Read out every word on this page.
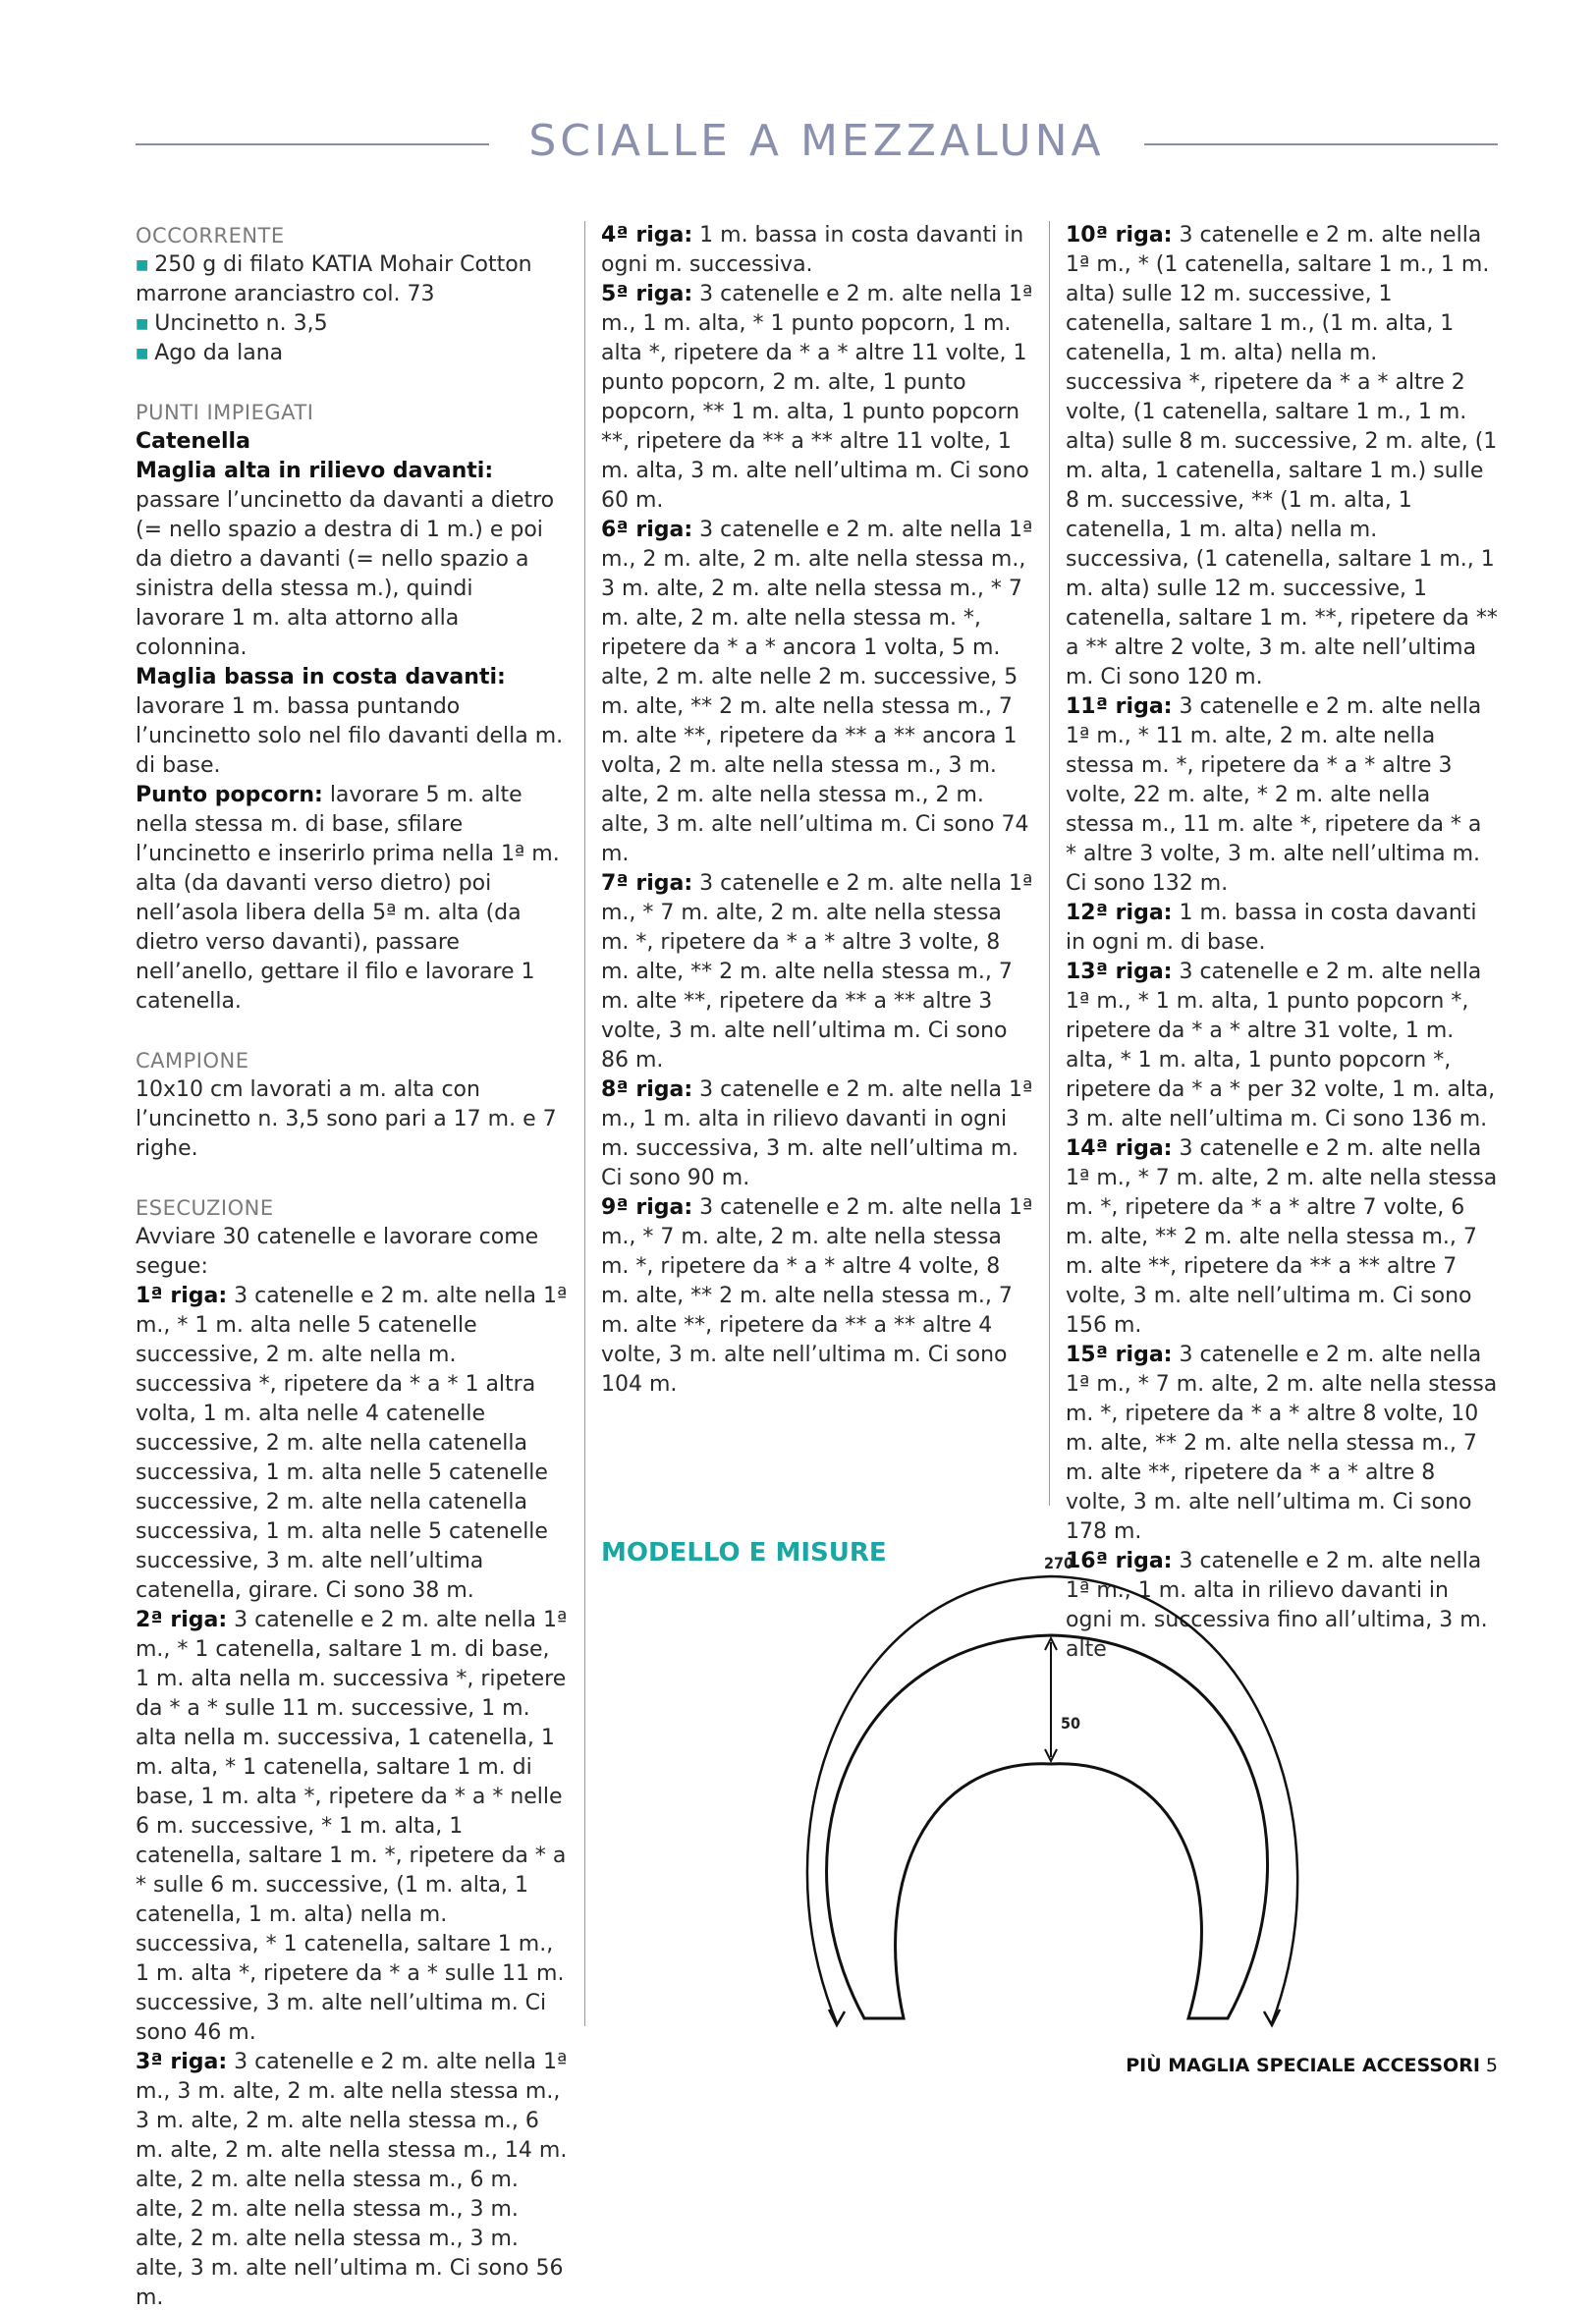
SCIALLE A MEZZALUNA

OCCORRENTE

■ 250 g di filato KATIA Mohair Cotton marrone aranciastro col. 73

■ Uncinetto n. 3,5

■ Ago da lana

PUNTI IMPIEGATI

Catenella

Maglia alta in rilievo davanti: passare l’uncinetto da davanti a dietro (= nello spazio a destra di 1 m.) e poi da dietro a davanti (= nello spazio a sinistra della stessa m.), quindi lavorare 1 m. alta attorno alla colonnina.

Maglia bassa in costa davanti: lavorare 1 m. bassa puntando l’uncinetto solo nel filo davanti della m. di base.

Punto popcorn: lavorare 5 m. alte nella stessa m. di base, sfilare l’uncinetto e inserirlo prima nella 1ª m. alta (da davanti verso dietro) poi nell’asola libera della 5ª m. alta (da dietro verso davanti), passare nell’anello, gettare il filo e lavorare 1 catenella.

CAMPIONE

10x10 cm lavorati a m. alta con l’uncinetto n. 3,5 sono pari a 17 m. e 7 righe.

ESECUZIONE

Avviare 30 catenelle e lavorare come segue:

1ª riga: 3 catenelle e 2 m. alte nella 1ª m., * 1 m. alta nelle 5 catenelle successive, 2 m. alte nella m. successiva *, ripetere da * a * 1 altra volta, 1 m. alta nelle 4 catenelle successive, 2 m. alte nella catenella successiva, 1 m. alta nelle 5 catenelle successive, 2 m. alte nella catenella successiva, 1 m. alta nelle 5 catenelle successive, 3 m. alte nell’ultima catenella, girare. Ci sono 38 m.

2ª riga: 3 catenelle e 2 m. alte nella 1ª m., * 1 catenella, saltare 1 m. di base, 1 m. alta nella m. successiva *, ripetere da * a * sulle 11 m. successive, 1 m. alta nella m. successiva, 1 catenella, 1 m. alta, * 1 catenella, saltare 1 m. di base, 1 m. alta *, ripetere da * a * nelle 6 m. successive, * 1 m. alta, 1 catenella, saltare 1 m. *, ripetere da * a * sulle 6 m. successive, (1 m. alta, 1 catenella, 1 m. alta) nella m. successiva, * 1 catenella, saltare 1 m., 1 m. alta *, ripetere da * a * sulle 11 m. successive, 3 m. alte nell’ultima m. Ci sono 46 m.

3ª riga: 3 catenelle e 2 m. alte nella 1ª m., 3 m. alte, 2 m. alte nella stessa m., 3 m. alte, 2 m. alte nella stessa m., 6 m. alte, 2 m. alte nella stessa m., 14 m. alte, 2 m. alte nella stessa m., 6 m. alte, 2 m. alte nella stessa m., 3 m. alte, 2 m. alte nella stessa m., 3 m. alte, 3 m. alte nell’ultima m. Ci sono 56 m.

4ª riga: 1 m. bassa in costa davanti in ogni m. successiva.

5ª riga: 3 catenelle e 2 m. alte nella 1ª m., 1 m. alta, * 1 punto popcorn, 1 m. alta *, ripetere da * a * altre 11 volte, 1 punto popcorn, 2 m. alte, 1 punto popcorn, ** 1 m. alta, 1 punto popcorn **, ripetere da ** a ** altre 11 volte, 1 m. alta, 3 m. alte nell’ultima m. Ci sono 60 m.

6ª riga: 3 catenelle e 2 m. alte nella 1ª m., 2 m. alte, 2 m. alte nella stessa m., 3 m. alte, 2 m. alte nella stessa m., * 7 m. alte, 2 m. alte nella stessa m. *, ripetere da * a * ancora 1 volta, 5 m. alte, 2 m. alte nelle 2 m. successive, 5 m. alte, ** 2 m. alte nella stessa m., 7 m. alte **, ripetere da ** a ** ancora 1 volta, 2 m. alte nella stessa m., 3 m. alte, 2 m. alte nella stessa m., 2 m. alte, 3 m. alte nell’ultima m. Ci sono 74 m.

7ª riga: 3 catenelle e 2 m. alte nella 1ª m., * 7 m. alte, 2 m. alte nella stessa m. *, ripetere da * a * altre 3 volte, 8 m. alte, ** 2 m. alte nella stessa m., 7 m. alte **, ripetere da ** a ** altre 3 volte, 3 m. alte nell’ultima m. Ci sono 86 m.

8ª riga: 3 catenelle e 2 m. alte nella 1ª m., 1 m. alta in rilievo davanti in ogni m. successiva, 3 m. alte nell’ultima m. Ci sono 90 m.

9ª riga: 3 catenelle e 2 m. alte nella 1ª m., * 7 m. alte, 2 m. alte nella stessa m. *, ripetere da * a * altre 4 volte, 8 m. alte, ** 2 m. alte nella stessa m., 7 m. alte **, ripetere da ** a ** altre 4 volte, 3 m. alte nell’ultima m. Ci sono 104 m.

10ª riga: 3 catenelle e 2 m. alte nella 1ª m., * (1 catenella, saltare 1 m., 1 m. alta) sulle 12 m. successive, 1 catenella, saltare 1 m., (1 m. alta, 1 catenella, 1 m. alta) nella m. successiva *, ripetere da * a * altre 2 volte, (1 catenella, saltare 1 m., 1 m. alta) sulle 8 m. successive, 2 m. alte, (1 m. alta, 1 catenella, saltare 1 m.) sulle 8 m. successive, ** (1 m. alta, 1 catenella, 1 m. alta) nella m. successiva, (1 catenella, saltare 1 m., 1 m. alta) sulle 12 m. successive, 1 catenella, saltare 1 m. **, ripetere da ** a ** altre 2 volte, 3 m. alte nell’ultima m. Ci sono 120 m.

11ª riga: 3 catenelle e 2 m. alte nella 1ª m., * 11 m. alte, 2 m. alte nella stessa m. *, ripetere da * a * altre 3 volte, 22 m. alte, * 2 m. alte nella stessa m., 11 m. alte *, ripetere da * a * altre 3 volte, 3 m. alte nell’ultima m. Ci sono 132 m.

12ª riga: 1 m. bassa in costa davanti in ogni m. di base.

13ª riga: 3 catenelle e 2 m. alte nella 1ª m., * 1 m. alta, 1 punto popcorn *, ripetere da * a * altre 31 volte, 1 m. alta, * 1 m. alta, 1 punto popcorn *, ripetere da * a * per 32 volte, 1 m. alta, 3 m. alte nell’ultima m. Ci sono 136 m.

14ª riga: 3 catenelle e 2 m. alte nella 1ª m., * 7 m. alte, 2 m. alte nella stessa m. *, ripetere da * a * altre 7 volte, 6 m. alte, ** 2 m. alte nella stessa m., 7 m. alte **, ripetere da ** a ** altre 7 volte, 3 m. alte nell’ultima m. Ci sono 156 m.

15ª riga: 3 catenelle e 2 m. alte nella 1ª m., * 7 m. alte, 2 m. alte nella stessa m. *, ripetere da * a * altre 8 volte, 10 m. alte, ** 2 m. alte nella stessa m., 7 m. alte **, ripetere da * a * altre 8 volte, 3 m. alte nell’ultima m. Ci sono 178 m.

16ª riga: 3 catenelle e 2 m. alte nella 1ª m., 1 m. alta in rilievo davanti in ogni m. successiva fino all’ultima, 3 m. alte

MODELLO E MISURE	270
50
PIÙ MAGLIA SPECIALE ACCESSORI 5
